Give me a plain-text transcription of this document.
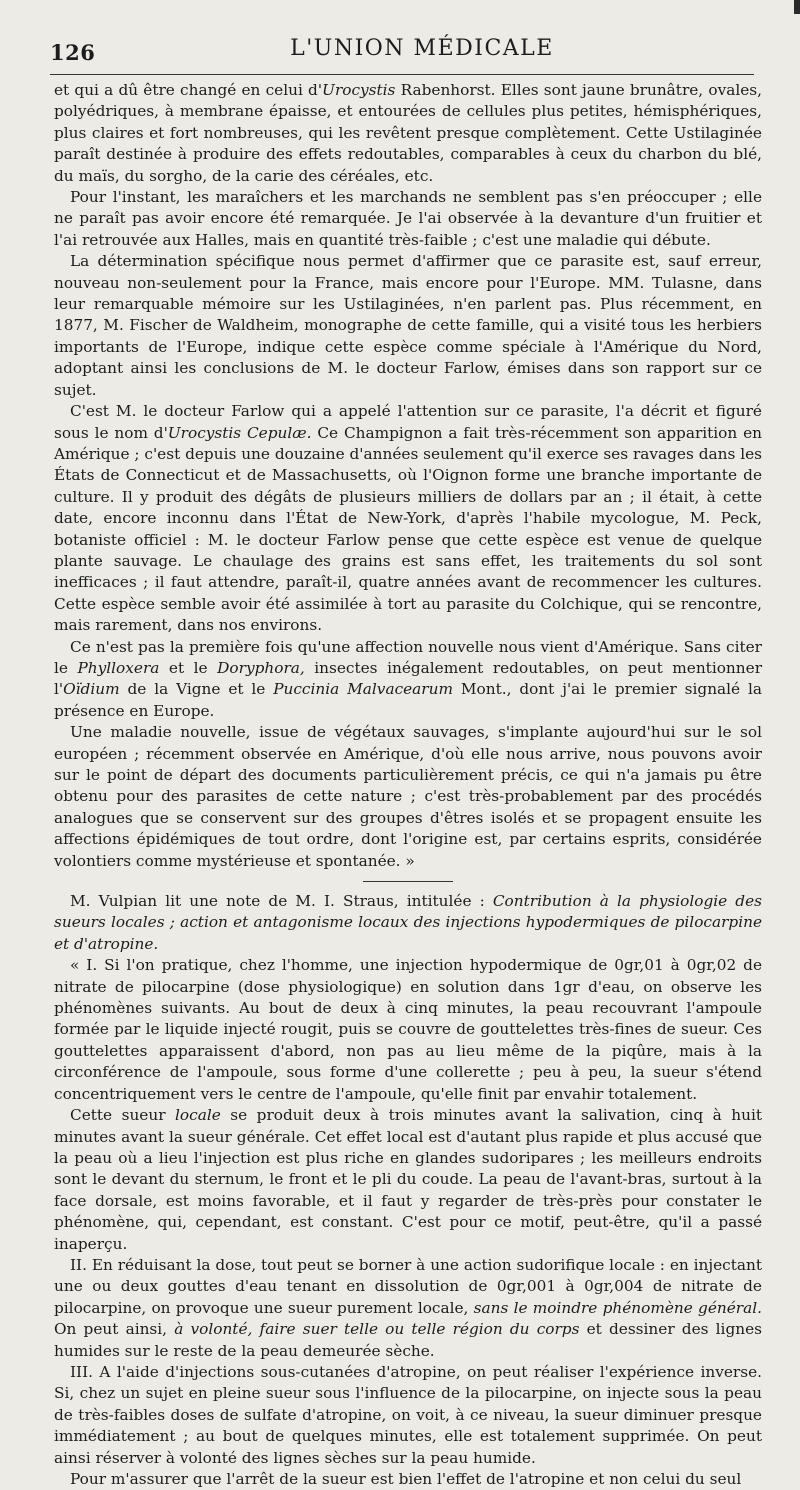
126	L'UNION MÉDICALE

et qui a dû être changé en celui d'Urocystis Rabenhorst. Elles sont jaune brunâtre, ovales, polyédriques, à membrane épaisse, et entourées de cellules plus petites, hémisphériques, plus claires et fort nombreuses, qui les revêtent presque complètement. Cette Ustilaginée paraît destinée à produire des effets redoutables, comparables à ceux du charbon du blé, du maïs, du sorgho, de la carie des céréales, etc.

Pour l'instant, les maraîchers et les marchands ne semblent pas s'en préoccuper ; elle ne paraît pas avoir encore été remarquée. Je l'ai observée à la devanture d'un fruitier et l'ai retrouvée aux Halles, mais en quantité très-faible ; c'est une maladie qui débute.

La détermination spécifique nous permet d'affirmer que ce parasite est, sauf erreur, nouveau non-seulement pour la France, mais encore pour l'Europe. MM. Tulasne, dans leur remarquable mémoire sur les Ustilaginées, n'en parlent pas. Plus récemment, en 1877, M. Fischer de Waldheim, monographe de cette famille, qui a visité tous les herbiers importants de l'Europe, indique cette espèce comme spéciale à l'Amérique du Nord, adoptant ainsi les conclusions de M. le docteur Farlow, émises dans son rapport sur ce sujet.

C'est M. le docteur Farlow qui a appelé l'attention sur ce parasite, l'a décrit et figuré sous le nom d'Urocystis Cepulæ. Ce Champignon a fait très-récemment son apparition en Amérique ; c'est depuis une douzaine d'années seulement qu'il exerce ses ravages dans les États de Connecticut et de Massachusetts, où l'Oignon forme une branche importante de culture. Il y produit des dégâts de plusieurs milliers de dollars par an ; il était, à cette date, encore inconnu dans l'État de New-York, d'après l'habile mycologue, M. Peck, botaniste officiel : M. le docteur Farlow pense que cette espèce est venue de quelque plante sauvage. Le chaulage des grains est sans effet, les traitements du sol sont inefficaces ; il faut attendre, paraît-il, quatre années avant de recommencer les cultures. Cette espèce semble avoir été assimilée à tort au parasite du Colchique, qui se rencontre, mais rarement, dans nos environs.

Ce n'est pas la première fois qu'une affection nouvelle nous vient d'Amérique. Sans citer le Phylloxera et le Doryphora, insectes inégalement redoutables, on peut mentionner l'Oïdium de la Vigne et le Puccinia Malvacearum Mont., dont j'ai le premier signalé la présence en Europe.

Une maladie nouvelle, issue de végétaux sauvages, s'implante aujourd'hui sur le sol européen ; récemment observée en Amérique, d'où elle nous arrive, nous pouvons avoir sur le point de départ des documents particulièrement précis, ce qui n'a jamais pu être obtenu pour des parasites de cette nature ; c'est très-probablement par des procédés analogues que se conservent sur des groupes d'êtres isolés et se propagent ensuite les affections épidémiques de tout ordre, dont l'origine est, par certains esprits, considérée volontiers comme mystérieuse et spontanée. »

M. Vulpian lit une note de M. I. Straus, intitulée : Contribution à la physiologie des sueurs locales ; action et antagonisme locaux des injections hypodermiques de pilocarpine et d'atropine.

« I. Si l'on pratique, chez l'homme, une injection hypodermique de 0gr,01 à 0gr,02 de nitrate de pilocarpine (dose physiologique) en solution dans 1gr d'eau, on observe les phénomènes suivants. Au bout de deux à cinq minutes, la peau recouvrant l'ampoule formée par le liquide injecté rougit, puis se couvre de gouttelettes très-fines de sueur. Ces gouttelettes apparaissent d'abord, non pas au lieu même de la piqûre, mais à la circonférence de l'ampoule, sous forme d'une collerette ; peu à peu, la sueur s'étend concentriquement vers le centre de l'ampoule, qu'elle finit par envahir totalement.

Cette sueur locale se produit deux à trois minutes avant la salivation, cinq à huit minutes avant la sueur générale. Cet effet local est d'autant plus rapide et plus accusé que la peau où a lieu l'injection est plus riche en glandes sudoripares ; les meilleurs endroits sont le devant du sternum, le front et le pli du coude. La peau de l'avant-bras, surtout à la face dorsale, est moins favorable, et il faut y regarder de très-près pour constater le phénomène, qui, cependant, est constant. C'est pour ce motif, peut-être, qu'il a passé inaperçu.

II. En réduisant la dose, tout peut se borner à une action sudorifique locale : en injectant une ou deux gouttes d'eau tenant en dissolution de 0gr,001 à 0gr,004 de nitrate de pilocarpine, on provoque une sueur purement locale, sans le moindre phénomène général. On peut ainsi, à volonté, faire suer telle ou telle région du corps et dessiner des lignes humides sur le reste de la peau demeurée sèche.

III. A l'aide d'injections sous-cutanées d'atropine, on peut réaliser l'expérience inverse. Si, chez un sujet en pleine sueur sous l'influence de la pilocarpine, on injecte sous la peau de très-faibles doses de sulfate d'atropine, on voit, à ce niveau, la sueur diminuer presque immédiatement ; au bout de quelques minutes, elle est totalement supprimée. On peut ainsi réserver à volonté des lignes sèches sur la peau humide.

Pour m'assurer que l'arrêt de la sueur est bien l'effet de l'atropine et non celui du seul
